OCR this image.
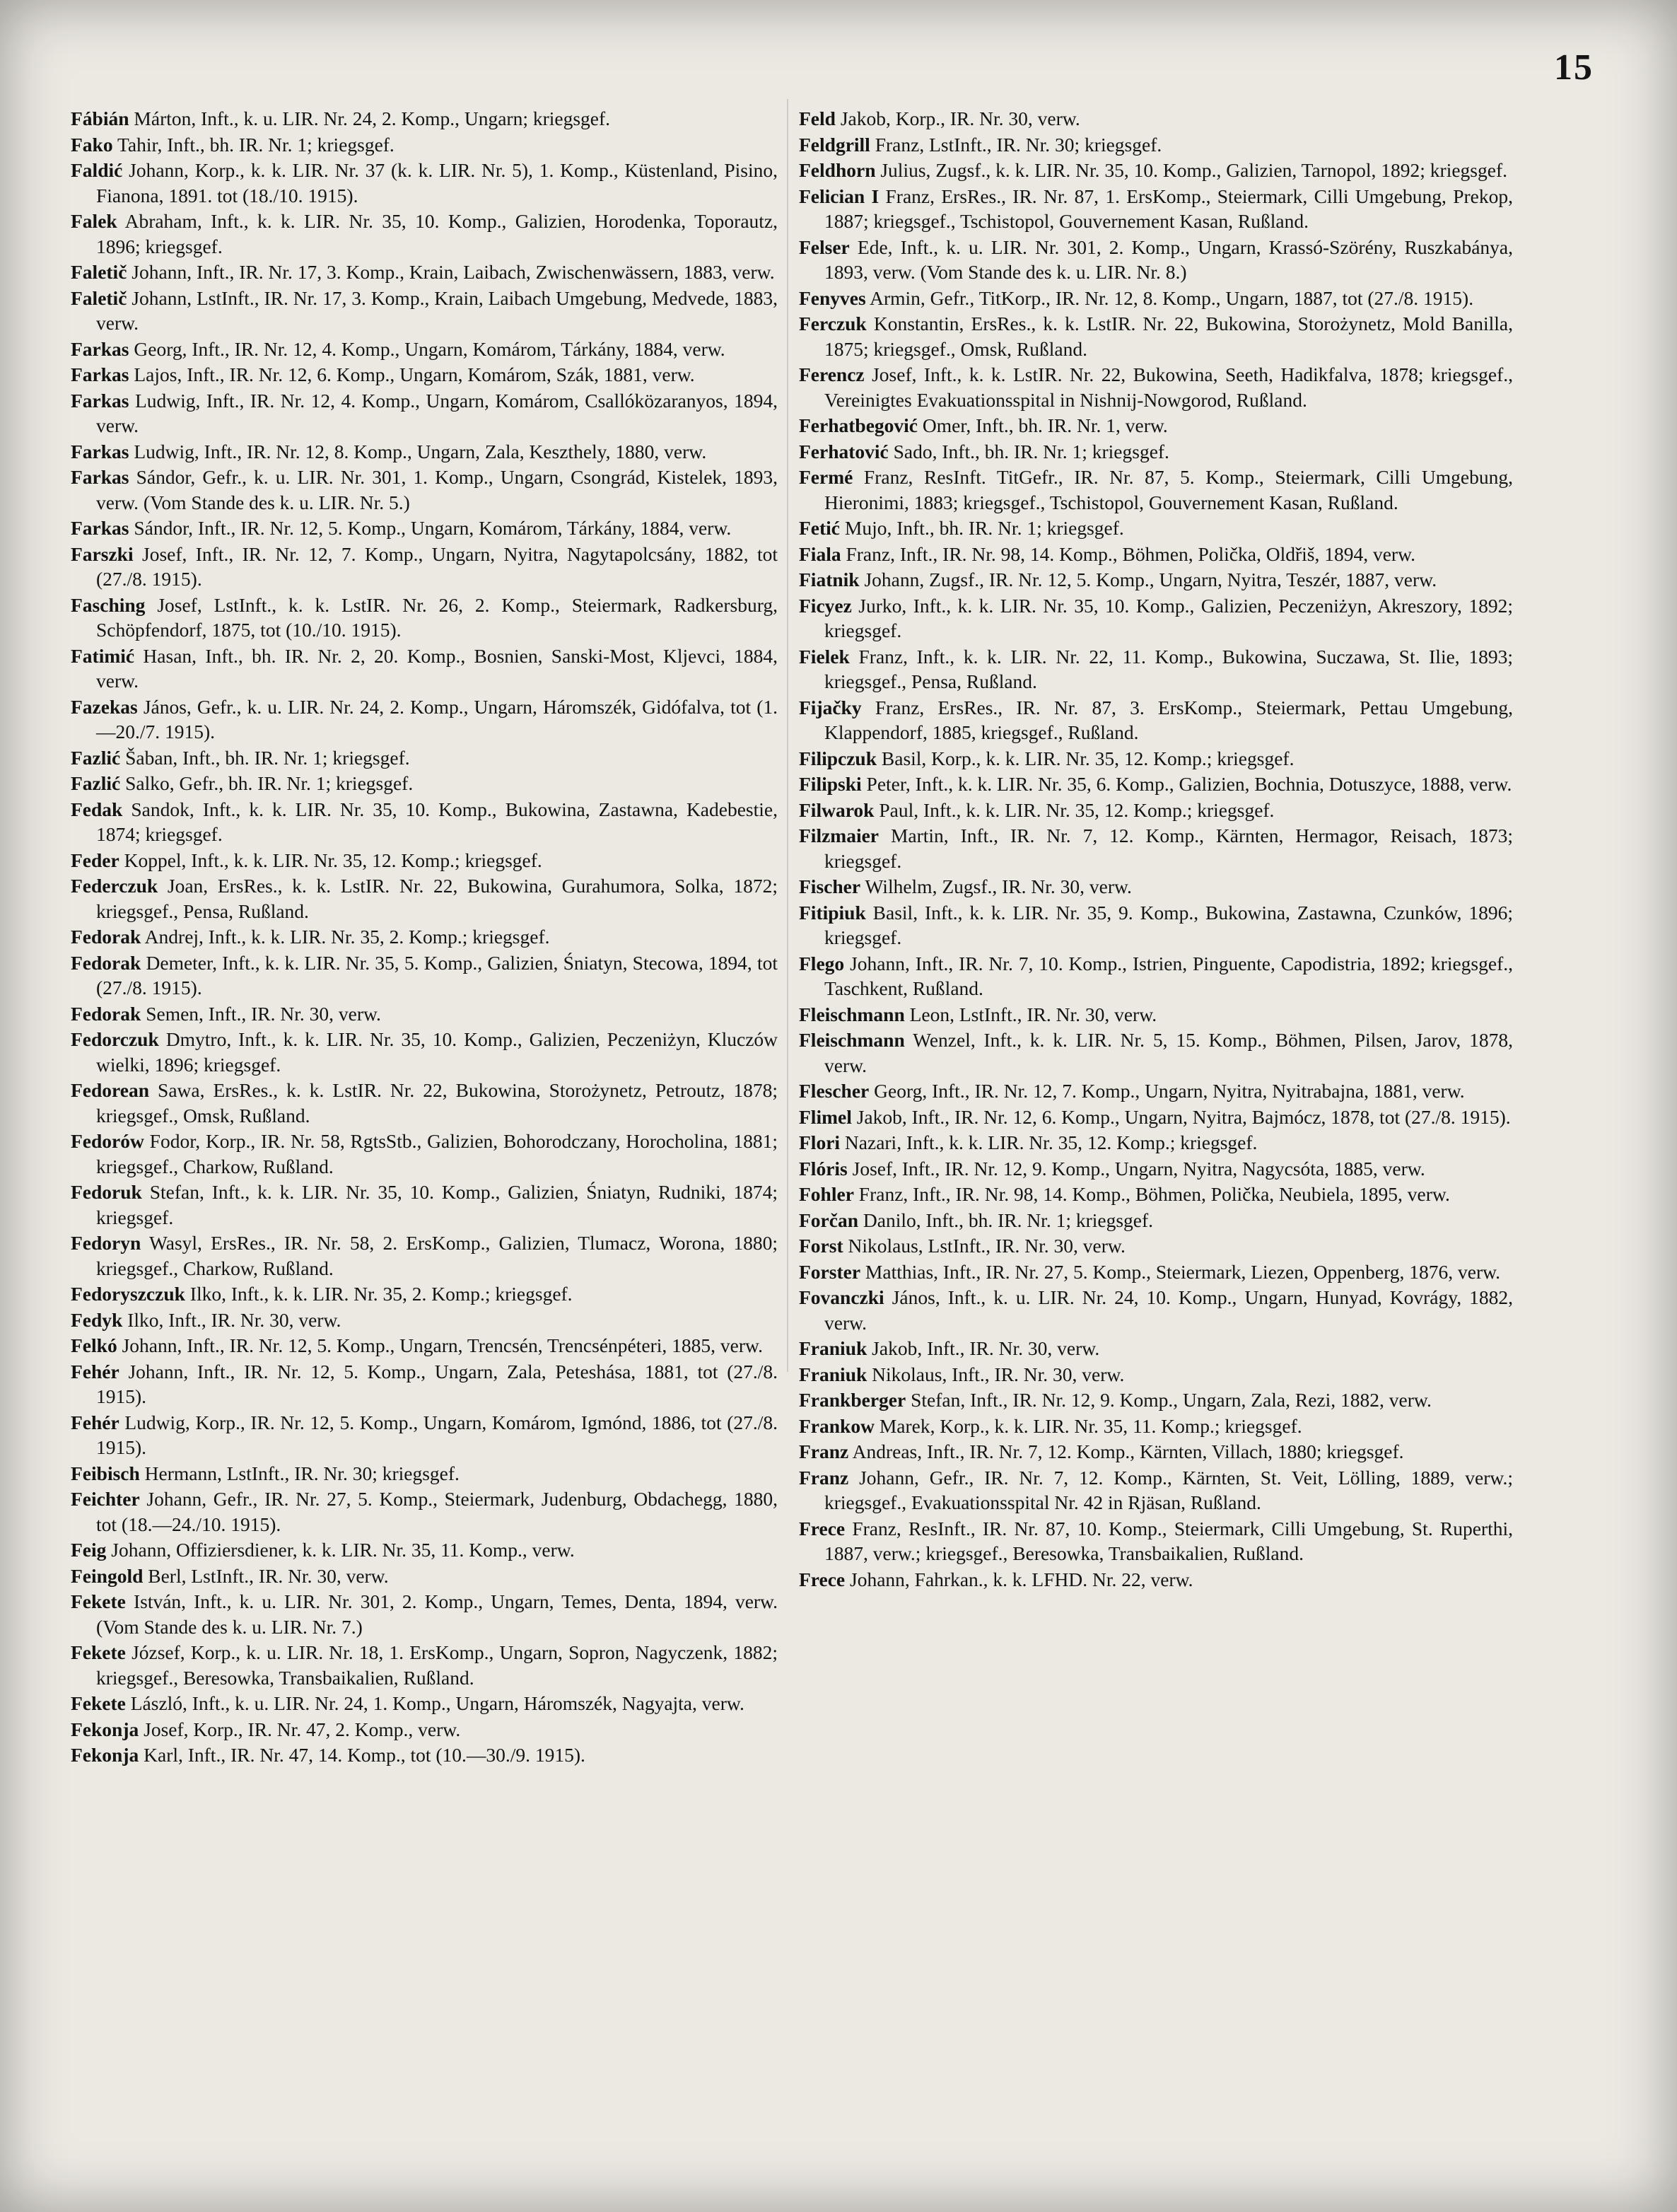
15

Fábián Márton, Inft., k. u. LIR. Nr. 24, 2. Komp., Ungarn; kriegsgef.

Fako Tahir, Inft., bh. IR. Nr. 1; kriegsgef.

Faldić Johann, Korp., k. k. LIR. Nr. 37 (k. k. LIR. Nr. 5), 1. Komp., Küstenland, Pisino, Fianona, 1891. tot (18./10. 1915).

Falek Abraham, Inft., k. k. LIR. Nr. 35, 10. Komp., Galizien, Horodenka, Toporautz, 1896; kriegsgef.

Faletič Johann, Inft., IR. Nr. 17, 3. Komp., Krain, Laibach, Zwischenwässern, 1883, verw.

Faletič Johann, LstInft., IR. Nr. 17, 3. Komp., Krain, Laibach Umgebung, Medvede, 1883, verw.

Farkas Georg, Inft., IR. Nr. 12, 4. Komp., Ungarn, Komárom, Tárkány, 1884, verw.

Farkas Lajos, Inft., IR. Nr. 12, 6. Komp., Ungarn, Komárom, Szák, 1881, verw.

Farkas Ludwig, Inft., IR. Nr. 12, 4. Komp., Ungarn, Komárom, Csallóközaranyos, 1894, verw.

Farkas Ludwig, Inft., IR. Nr. 12, 8. Komp., Ungarn, Zala, Keszthely, 1880, verw.

Farkas Sándor, Gefr., k. u. LIR. Nr. 301, 1. Komp., Ungarn, Csongrád, Kistelek, 1893, verw. (Vom Stande des k. u. LIR. Nr. 5.)

Farkas Sándor, Inft., IR. Nr. 12, 5. Komp., Ungarn, Komárom, Tárkány, 1884, verw.

Farszki Josef, Inft., IR. Nr. 12, 7. Komp., Ungarn, Nyitra, Nagytapolcsány, 1882, tot (27./8. 1915).

Fasching Josef, LstInft., k. k. LstIR. Nr. 26, 2. Komp., Steiermark, Radkersburg, Schöpfendorf, 1875, tot (10./10. 1915).

Fatimić Hasan, Inft., bh. IR. Nr. 2, 20. Komp., Bosnien, Sanski-Most, Kljevci, 1884, verw.

Fazekas János, Gefr., k. u. LIR. Nr. 24, 2. Komp., Ungarn, Háromszék, Gidófalva, tot (1.—20./7. 1915).

Fazlić Šaban, Inft., bh. IR. Nr. 1; kriegsgef.

Fazlić Salko, Gefr., bh. IR. Nr. 1; kriegsgef.

Fedak Sandok, Inft., k. k. LIR. Nr. 35, 10. Komp., Bukowina, Zastawna, Kadebestie, 1874; kriegsgef.

Feder Koppel, Inft., k. k. LIR. Nr. 35, 12. Komp.; kriegsgef.

Federczuk Joan, ErsRes., k. k. LstIR. Nr. 22, Bukowina, Gurahumora, Solka, 1872; kriegsgef., Pensa, Rußland.

Fedorak Andrej, Inft., k. k. LIR. Nr. 35, 2. Komp.; kriegsgef.

Fedorak Demeter, Inft., k. k. LIR. Nr. 35, 5. Komp., Galizien, Śniatyn, Stecowa, 1894, tot (27./8. 1915).

Fedorak Semen, Inft., IR. Nr. 30, verw.

Fedorczuk Dmytro, Inft., k. k. LIR. Nr. 35, 10. Komp., Galizien, Peczeniżyn, Kluczów wielki, 1896; kriegsgef.

Fedorean Sawa, ErsRes., k. k. LstIR. Nr. 22, Bukowina, Storożynetz, Petroutz, 1878; kriegsgef., Omsk, Rußland.

Fedorów Fodor, Korp., IR. Nr. 58, RgtsStb., Galizien, Bohorodczany, Horocholina, 1881; kriegsgef., Charkow, Rußland.

Fedoruk Stefan, Inft., k. k. LIR. Nr. 35, 10. Komp., Galizien, Śniatyn, Rudniki, 1874; kriegsgef.

Fedoryn Wasyl, ErsRes., IR. Nr. 58, 2. ErsKomp., Galizien, Tlumacz, Worona, 1880; kriegsgef., Charkow, Rußland.

Fedoryszczuk Ilko, Inft., k. k. LIR. Nr. 35, 2. Komp.; kriegsgef.

Fedyk Ilko, Inft., IR. Nr. 30, verw.

Felkó Johann, Inft., IR. Nr. 12, 5. Komp., Ungarn, Trencsén, Trencsénpéteri, 1885, verw.

Fehér Johann, Inft., IR. Nr. 12, 5. Komp., Ungarn, Zala, Peteshása, 1881, tot (27./8. 1915).

Fehér Ludwig, Korp., IR. Nr. 12, 5. Komp., Ungarn, Komárom, Igmónd, 1886, tot (27./8. 1915).

Feibisch Hermann, LstInft., IR. Nr. 30; kriegsgef.

Feichter Johann, Gefr., IR. Nr. 27, 5. Komp., Steiermark, Judenburg, Obdachegg, 1880, tot (18.—24./10. 1915).

Feig Johann, Offiziersdiener, k. k. LIR. Nr. 35, 11. Komp., verw.

Feingold Berl, LstInft., IR. Nr. 30, verw.

Fekete István, Inft., k. u. LIR. Nr. 301, 2. Komp., Ungarn, Temes, Denta, 1894, verw. (Vom Stande des k. u. LIR. Nr. 7.)

Fekete József, Korp., k. u. LIR. Nr. 18, 1. ErsKomp., Ungarn, Sopron, Nagyczenk, 1882; kriegsgef., Beresowka, Transbaikalien, Rußland.

Fekete László, Inft., k. u. LIR. Nr. 24, 1. Komp., Ungarn, Háromszék, Nagyajta, verw.

Fekonja Josef, Korp., IR. Nr. 47, 2. Komp., verw.

Fekonja Karl, Inft., IR. Nr. 47, 14. Komp., tot (10.—30./9. 1915).

Feld Jakob, Korp., IR. Nr. 30, verw.

Feldgrill Franz, LstInft., IR. Nr. 30; kriegsgef.

Feldhorn Julius, Zugsf., k. k. LIR. Nr. 35, 10. Komp., Galizien, Tarnopol, 1892; kriegsgef.

Felician I Franz, ErsRes., IR. Nr. 87, 1. ErsKomp., Steiermark, Cilli Umgebung, Prekop, 1887; kriegsgef., Tschistopol, Gouvernement Kasan, Rußland.

Felser Ede, Inft., k. u. LIR. Nr. 301, 2. Komp., Ungarn, Krassó-Szörény, Ruszkabánya, 1893, verw. (Vom Stande des k. u. LIR. Nr. 8.)

Fenyves Armin, Gefr., TitKorp., IR. Nr. 12, 8. Komp., Ungarn, 1887, tot (27./8. 1915).

Ferczuk Konstantin, ErsRes., k. k. LstIR. Nr. 22, Bukowina, Storożynetz, Mold Banilla, 1875; kriegsgef., Omsk, Rußland.

Ferencz Josef, Inft., k. k. LstIR. Nr. 22, Bukowina, Seeth, Hadikfalva, 1878; kriegsgef., Vereinigtes Evakuationsspital in Nishnij-Nowgorod, Rußland.

Ferhatbegović Omer, Inft., bh. IR. Nr. 1, verw.

Ferhatović Sado, Inft., bh. IR. Nr. 1; kriegsgef.

Fermé Franz, ResInft. TitGefr., IR. Nr. 87, 5. Komp., Steiermark, Cilli Umgebung, Hieronimi, 1883; kriegsgef., Tschistopol, Gouvernement Kasan, Rußland.

Fetić Mujo, Inft., bh. IR. Nr. 1; kriegsgef.

Fiala Franz, Inft., IR. Nr. 98, 14. Komp., Böhmen, Polička, Oldřiš, 1894, verw.

Fiatnik Johann, Zugsf., IR. Nr. 12, 5. Komp., Ungarn, Nyitra, Teszér, 1887, verw.

Ficyez Jurko, Inft., k. k. LIR. Nr. 35, 10. Komp., Galizien, Peczeniżyn, Akreszory, 1892; kriegsgef.

Fielek Franz, Inft., k. k. LIR. Nr. 22, 11. Komp., Bukowina, Suczawa, St. Ilie, 1893; kriegsgef., Pensa, Rußland.

Fijačky Franz, ErsRes., IR. Nr. 87, 3. ErsKomp., Steiermark, Pettau Umgebung, Klappendorf, 1885, kriegsgef., Rußland.

Filipczuk Basil, Korp., k. k. LIR. Nr. 35, 12. Komp.; kriegsgef.

Filipski Peter, Inft., k. k. LIR. Nr. 35, 6. Komp., Galizien, Bochnia, Dotuszyce, 1888, verw.

Filwarok Paul, Inft., k. k. LIR. Nr. 35, 12. Komp.; kriegsgef.

Filzmaier Martin, Inft., IR. Nr. 7, 12. Komp., Kärnten, Hermagor, Reisach, 1873; kriegsgef.

Fischer Wilhelm, Zugsf., IR. Nr. 30, verw.

Fitipiuk Basil, Inft., k. k. LIR. Nr. 35, 9. Komp., Bukowina, Zastawna, Czunków, 1896; kriegsgef.

Flego Johann, Inft., IR. Nr. 7, 10. Komp., Istrien, Pinguente, Capodistria, 1892; kriegsgef., Taschkent, Rußland.

Fleischmann Leon, LstInft., IR. Nr. 30, verw.

Fleischmann Wenzel, Inft., k. k. LIR. Nr. 5, 15. Komp., Böhmen, Pilsen, Jarov, 1878, verw.

Flescher Georg, Inft., IR. Nr. 12, 7. Komp., Ungarn, Nyitra, Nyitrabajna, 1881, verw.

Flimel Jakob, Inft., IR. Nr. 12, 6. Komp., Ungarn, Nyitra, Bajmócz, 1878, tot (27./8. 1915).

Flori Nazari, Inft., k. k. LIR. Nr. 35, 12. Komp.; kriegsgef.

Flóris Josef, Inft., IR. Nr. 12, 9. Komp., Ungarn, Nyitra, Nagycsóta, 1885, verw.

Fohler Franz, Inft., IR. Nr. 98, 14. Komp., Böhmen, Polička, Neubiela, 1895, verw.

Forčan Danilo, Inft., bh. IR. Nr. 1; kriegsgef.

Forst Nikolaus, LstInft., IR. Nr. 30, verw.

Forster Matthias, Inft., IR. Nr. 27, 5. Komp., Steiermark, Liezen, Oppenberg, 1876, verw.

Fovanczki János, Inft., k. u. LIR. Nr. 24, 10. Komp., Ungarn, Hunyad, Kovrágy, 1882, verw.

Franiuk Jakob, Inft., IR. Nr. 30, verw.

Franiuk Nikolaus, Inft., IR. Nr. 30, verw.

Frankberger Stefan, Inft., IR. Nr. 12, 9. Komp., Ungarn, Zala, Rezi, 1882, verw.

Frankow Marek, Korp., k. k. LIR. Nr. 35, 11. Komp.; kriegsgef.

Franz Andreas, Inft., IR. Nr. 7, 12. Komp., Kärnten, Villach, 1880; kriegsgef.

Franz Johann, Gefr., IR. Nr. 7, 12. Komp., Kärnten, St. Veit, Lölling, 1889, verw.; kriegsgef., Evakuationsspital Nr. 42 in Rjäsan, Rußland.

Frece Franz, ResInft., IR. Nr. 87, 10. Komp., Steiermark, Cilli Umgebung, St. Ruperthi, 1887, verw.; kriegsgef., Beresowka, Transbaikalien, Rußland.

Frece Johann, Fahrkan., k. k. LFHD. Nr. 22, verw.
